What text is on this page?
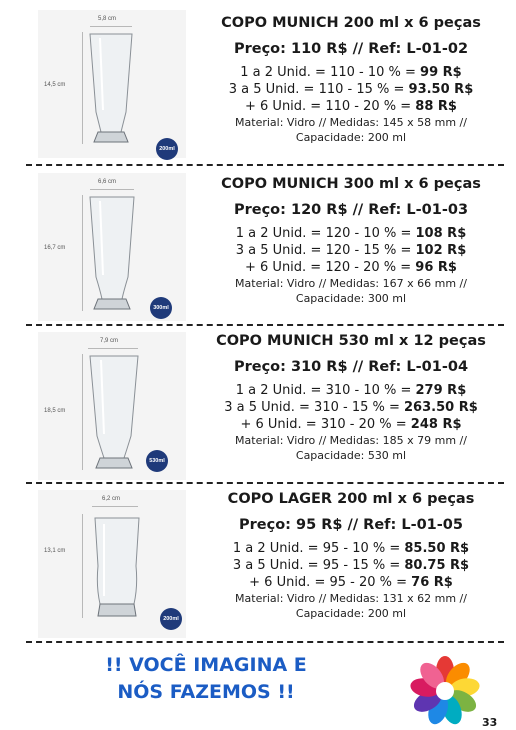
5,8 cm
14,5 cm
200ml
COPO MUNICH 200 ml x 6 peças
Preço: 110 R$ // Ref: L-01-02
1 a 2 Unid. = 110 - 10 % = 99 R$
3 a 5 Unid. = 110 - 15 % = 93.50 R$
+ 6 Unid. = 110 - 20 % = 88 R$
Material: Vidro // Medidas: 145 x 58 mm //
Capacidade: 200 ml
6,6 cm
16,7 cm
300ml
COPO MUNICH 300 ml x 6 peças
Preço: 120 R$ // Ref: L-01-03
1 a 2 Unid. = 120 - 10 % = 108 R$
3 a 5 Unid. = 120 - 15 % = 102 R$
+ 6 Unid. = 120 - 20 % = 96 R$
Material: Vidro // Medidas: 167 x 66 mm //
Capacidade: 300 ml
7,9 cm
18,5 cm
530ml
COPO MUNICH 530 ml x 12 peças
Preço: 310 R$ // Ref: L-01-04
1 a 2 Unid. = 310 - 10 % = 279 R$
3 a 5 Unid. = 310 - 15 % = 263.50 R$
+ 6 Unid. = 310 - 20 % = 248 R$
Material: Vidro // Medidas: 185 x 79 mm //
Capacidade: 530 ml
6,2 cm
13,1 cm
200ml
COPO LAGER 200 ml x 6 peças
Preço: 95 R$ // Ref: L-01-05
1 a 2 Unid. = 95 - 10 % = 85.50 R$
3 a 5 Unid. = 95 - 15 % = 80.75 R$
+ 6 Unid. = 95 - 20 % = 76 R$
Material: Vidro // Medidas: 131 x 62 mm //
Capacidade: 200 ml
!! VOCÊ IMAGINA E
NÓS FAZEMOS !!
33
